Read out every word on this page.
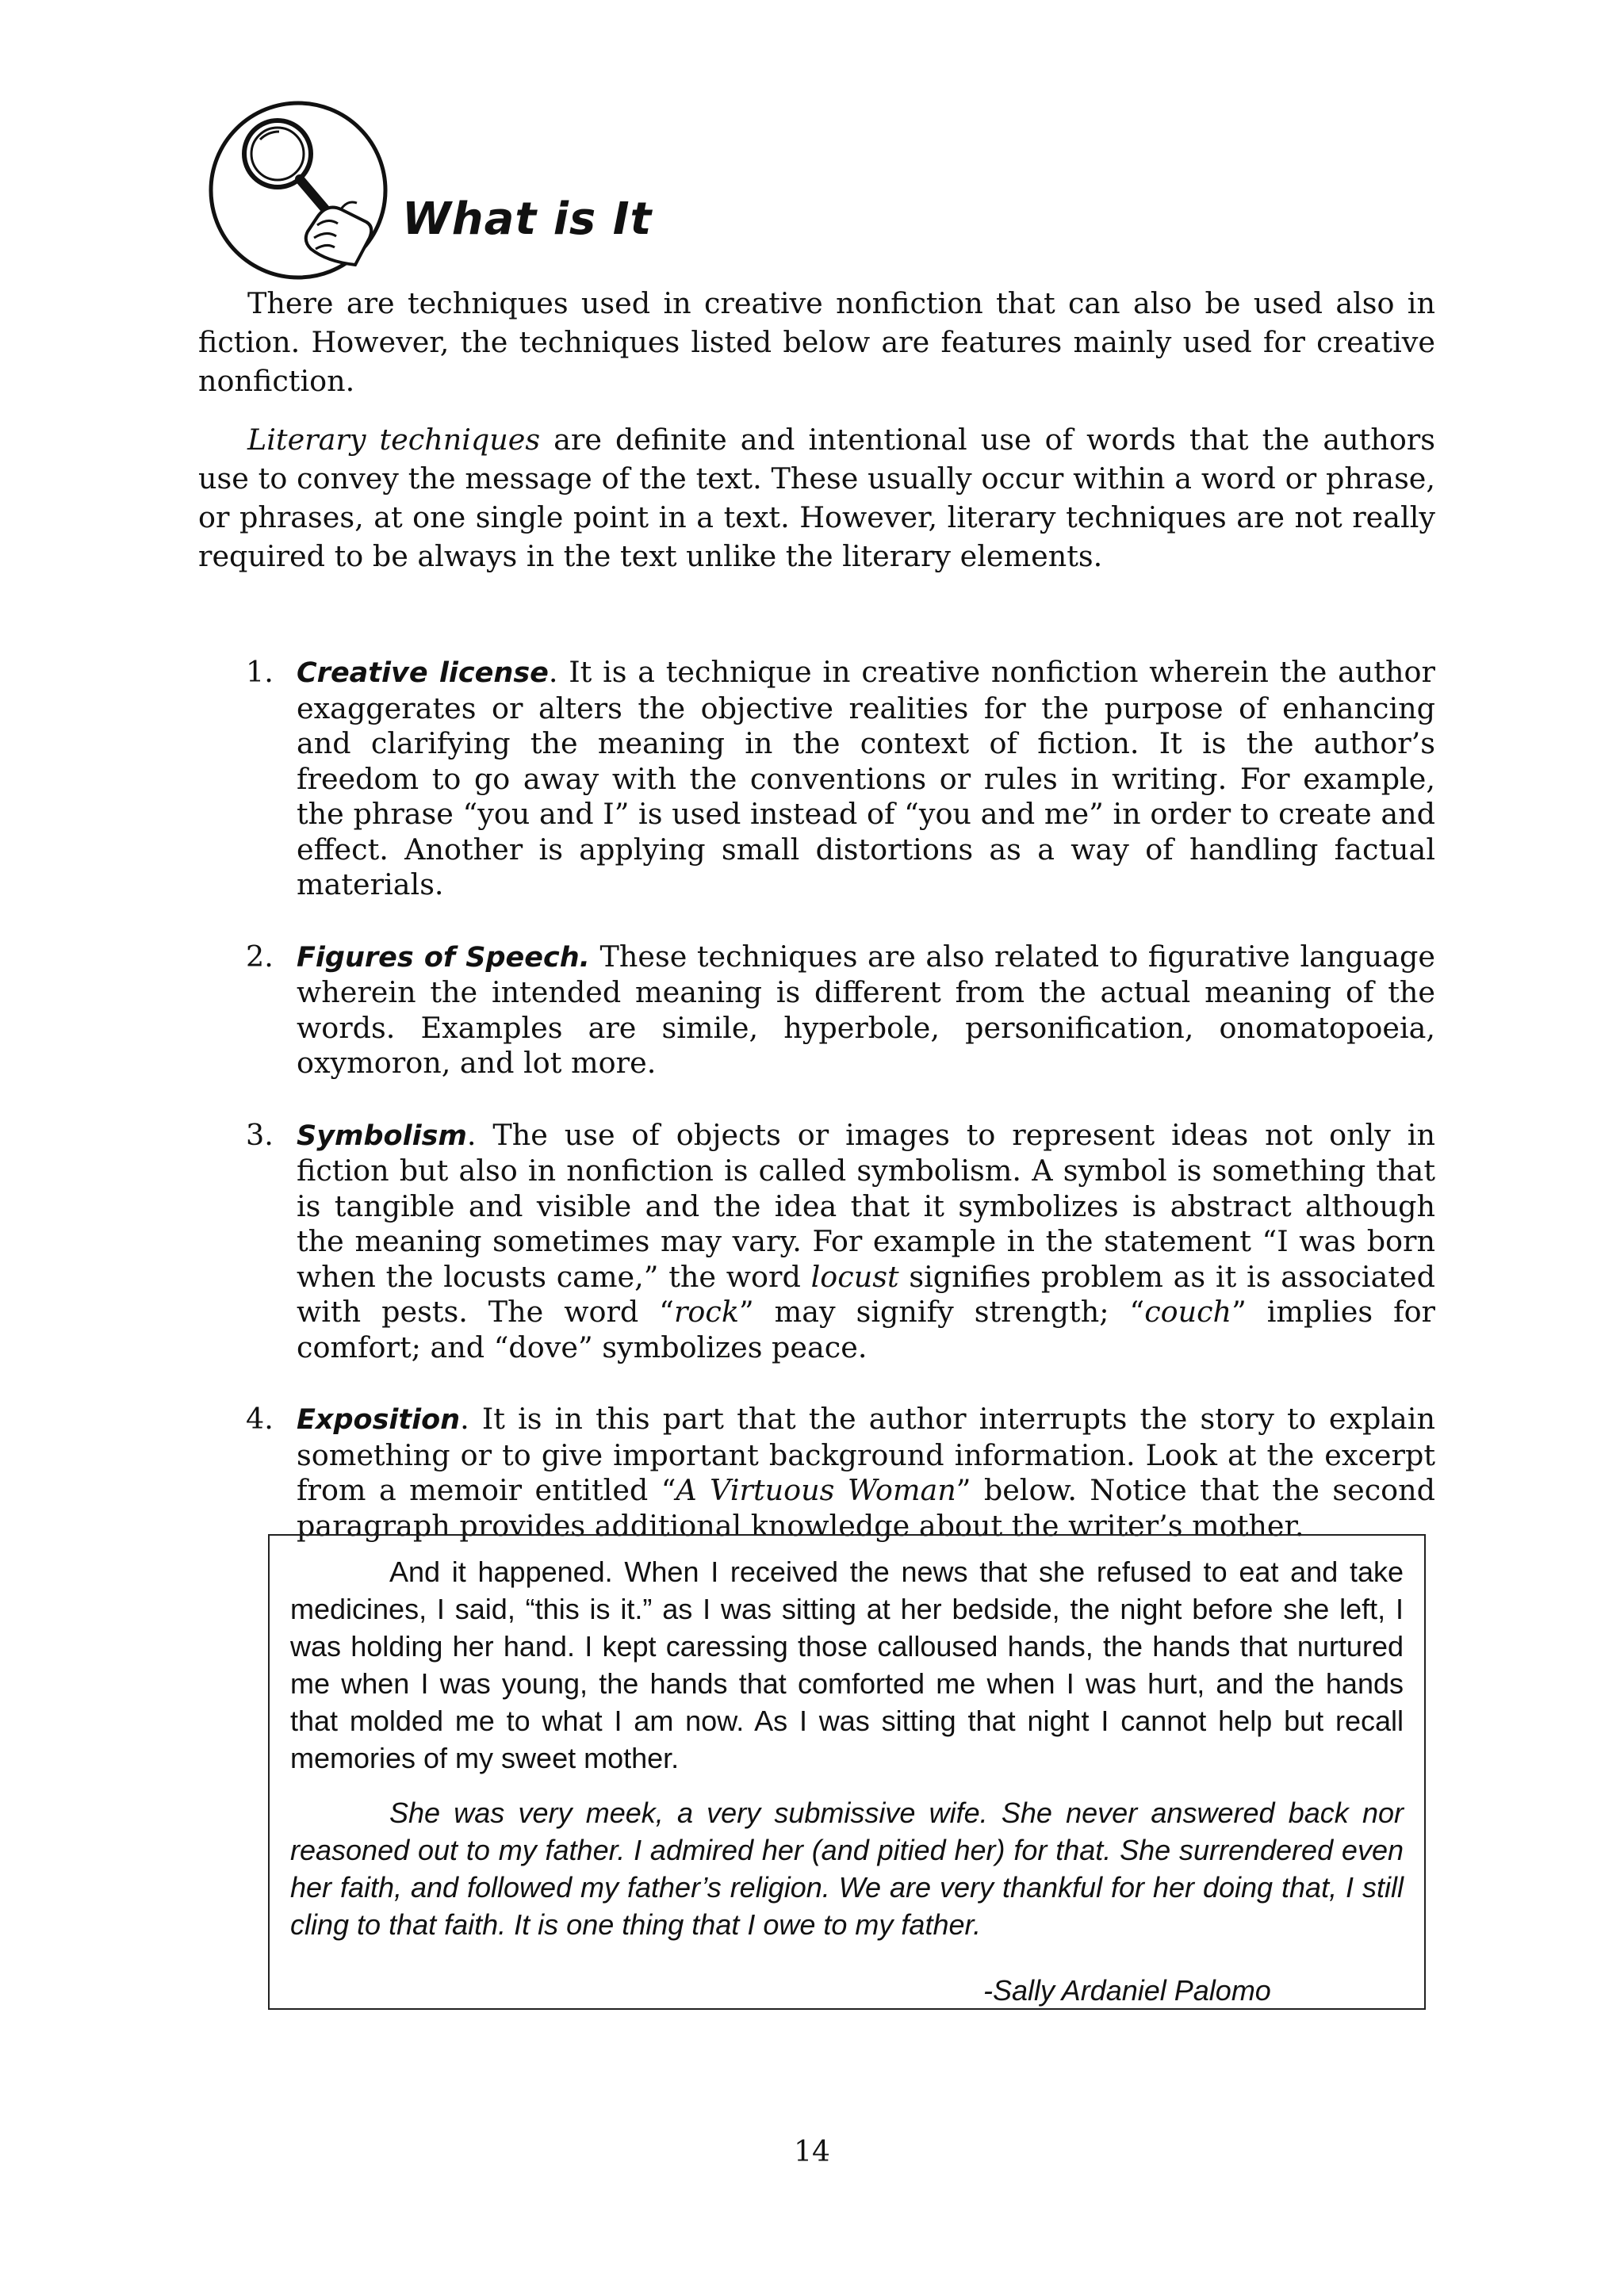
What is It

There are techniques used in creative nonfiction that can also be used also in fiction. However, the techniques listed below are features mainly used for creative nonfiction.

Literary techniques are definite and intentional use of words that the authors use to convey the message of the text. These usually occur within a word or phrase, or phrases, at one single point in a text. However, literary techniques are not really required to be always in the text unlike the literary elements.

1. Creative license. It is a technique in creative nonfiction wherein the author exaggerates or alters the objective realities for the purpose of enhancing and clarifying the meaning in the context of fiction. It is the author’s freedom to go away with the conventions or rules in writing. For example, the phrase “you and I” is used instead of “you and me” in order to create and effect. Another is applying small distortions as a way of handling factual materials.
2. Figures of Speech. These techniques are also related to figurative language wherein the intended meaning is different from the actual meaning of the words. Examples are simile, hyperbole, personification, onomatopoeia, oxymoron, and lot more.
3. Symbolism. The use of objects or images to represent ideas not only in fiction but also in nonfiction is called symbolism. A symbol is something that is tangible and visible and the idea that it symbolizes is abstract although the meaning sometimes may vary. For example in the statement “I was born when the locusts came,” the word locust signifies problem as it is associated with pests. The word “rock” may signify strength; “couch” implies for comfort; and “dove” symbolizes peace.
4. Exposition. It is in this part that the author interrupts the story to explain something or to give important background information. Look at the excerpt from a memoir entitled “A Virtuous Woman” below. Notice that the second paragraph provides additional knowledge about the writer’s mother.

And it happened. When I received the news that she refused to eat and take medicines, I said, “this is it.” as I was sitting at her bedside, the night before she left, I was holding her hand. I kept caressing those calloused hands, the hands that nurtured me when I was young, the hands that comforted me when I was hurt, and the hands that molded me to what I am now. As I was sitting that night I cannot help but recall memories of my sweet mother.

She was very meek, a very submissive wife. She never answered back nor reasoned out to my father. I admired her (and pitied her) for that. She surrendered even her faith, and followed my father’s religion. We are very thankful for her doing that, I still cling to that faith. It is one thing that I owe to my father.

-Sally Ardaniel Palomo
14
